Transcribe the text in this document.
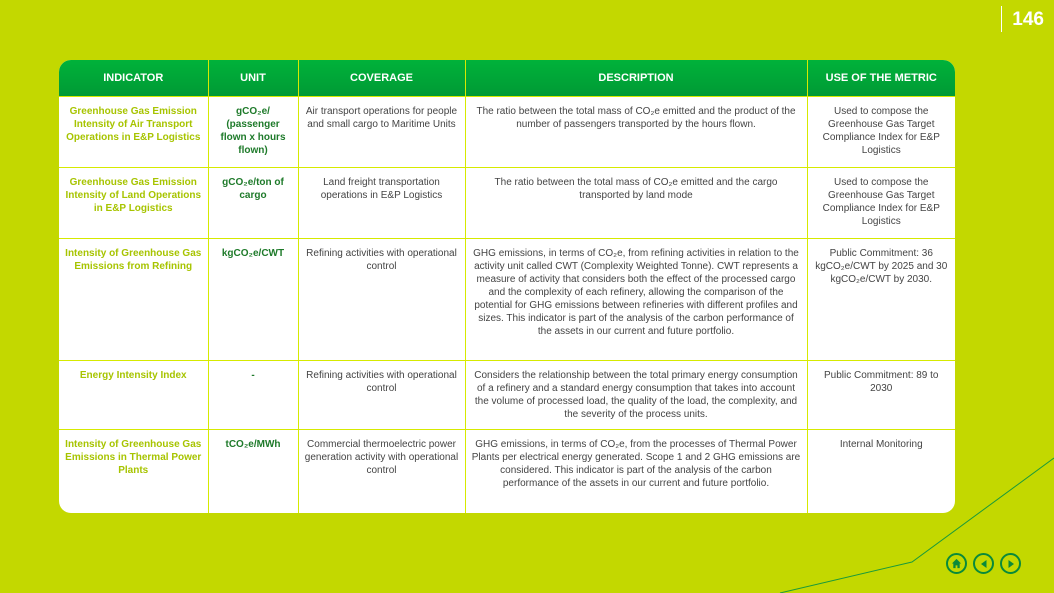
146
INDICATOR	UNIT	COVERAGE	DESCRIPTION	USE OF THE METRIC
Greenhouse Gas Emission Intensity of Air Transport Operations in E&P Logistics	gCO₂e/ (passenger flown x hours flown)	Air transport operations for people and small cargo to Maritime Units	The ratio between the total mass of CO₂e emitted and the product of the number of passengers transported by the hours flown.	Used to compose the Greenhouse Gas Target Compliance Index for E&P Logistics
Greenhouse Gas Emission Intensity of Land Operations in E&P Logistics	gCO₂e/ton of cargo	Land freight transportation operations in E&P Logistics	The ratio between the total mass of CO₂e emitted and the cargo transported by land mode	Used to compose the Greenhouse Gas Target Compliance Index for E&P Logistics
Intensity of Greenhouse Gas Emissions from Refining	kgCO₂e/CWT	Refining activities with operational control	GHG emissions, in terms of CO₂e, from refining activities in relation to the activity unit called CWT (Complexity Weighted Tonne). CWT represents a measure of activity that considers both the effect of the processed cargo and the complexity of each refinery, allowing the comparison of the potential for GHG emissions between refineries with different profiles and sizes. This indicator is part of the analysis of the carbon performance of the assets in our current and future portfolio.	Public Commitment: 36 kgCO₂e/CWT by 2025 and 30 kgCO₂e/CWT by 2030.
Energy Intensity Index	-	Refining activities with operational control	Considers the relationship between the total primary energy consumption of a refinery and a standard energy consumption that takes into account the volume of processed load, the quality of the load, the complexity, and the severity of the process units.	Public Commitment: 89 to 2030
Intensity of Greenhouse Gas Emissions in Thermal Power Plants	tCO₂e/MWh	Commercial thermoelectric power generation activity with operational control	GHG emissions, in terms of CO₂e, from the processes of Thermal Power Plants per electrical energy generated. Scope 1 and 2 GHG emissions are considered. This indicator is part of the analysis of the carbon performance of the assets in our current and future portfolio.	Internal Monitoring
